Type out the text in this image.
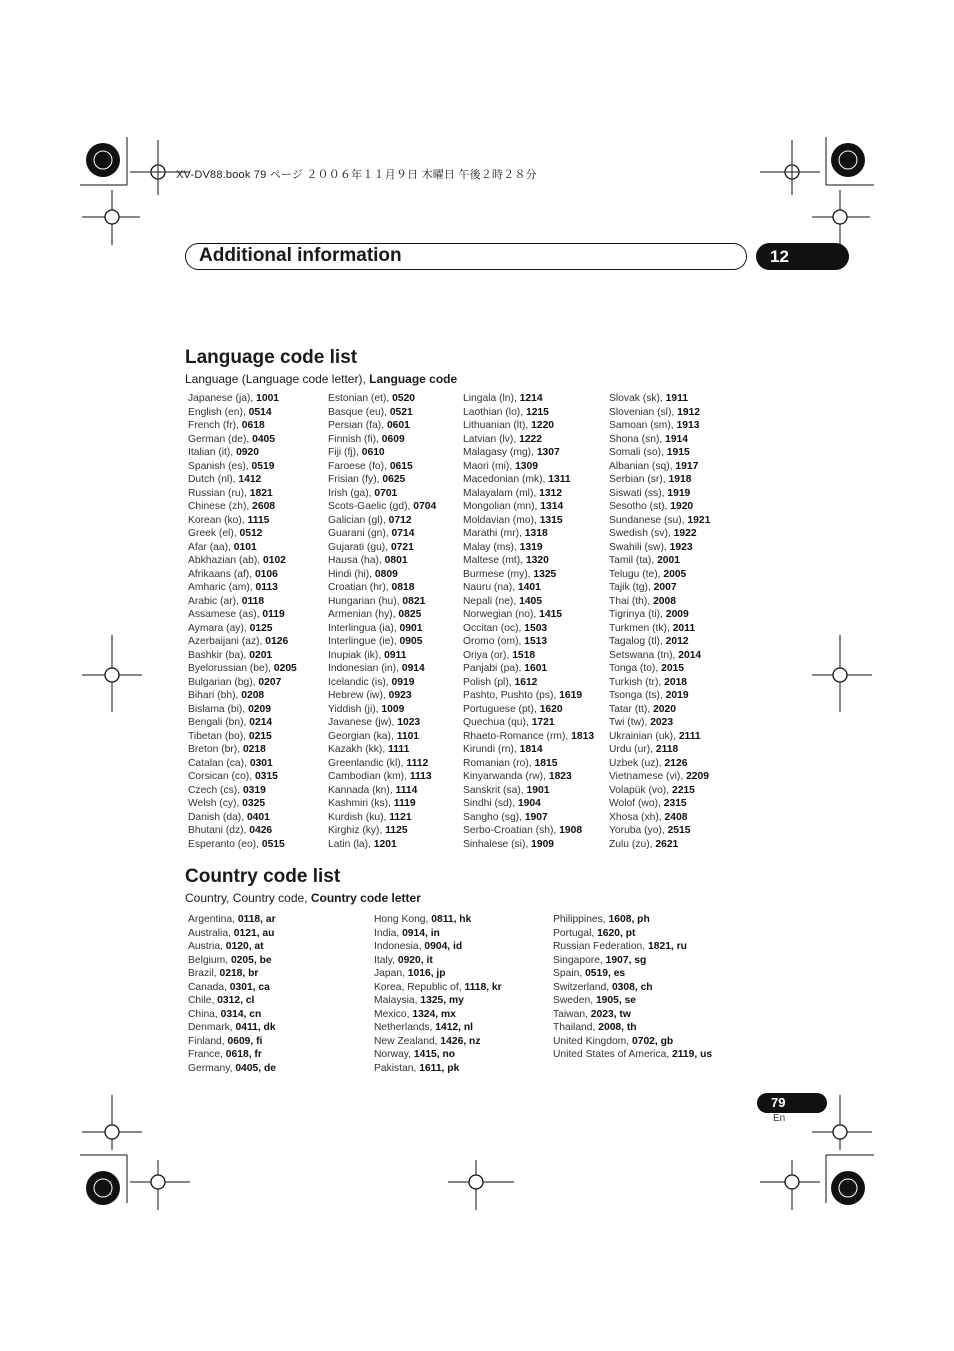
XV-DV88.book 79 ページ ２００６年１１月９日 木曜日 午後２時２８分
Additional information	12
Language code list
Language (Language code letter), Language code
Japanese (ja), 1001
English (en), 0514
French (fr), 0618
German (de), 0405
Italian (it), 0920
Spanish (es), 0519
Dutch (nl), 1412
Russian (ru), 1821
Chinese (zh), 2608
Korean (ko), 1115
Greek (el), 0512
Afar (aa), 0101
Abkhazian (ab), 0102
Afrikaans (af), 0106
Amharic (am), 0113
Arabic (ar), 0118
Assamese (as), 0119
Aymara (ay), 0125
Azerbaijani (az), 0126
Bashkir (ba), 0201
Byelorussian (be), 0205
Bulgarian (bg), 0207
Bihari (bh), 0208
Bislama (bi), 0209
Bengali (bn), 0214
Tibetan (bo), 0215
Breton (br), 0218
Catalan (ca), 0301
Corsican (co), 0315
Czech (cs), 0319
Welsh (cy), 0325
Danish (da), 0401
Bhutani (dz), 0426
Esperanto (eo), 0515
Estonian (et), 0520
Basque (eu), 0521
Persian (fa), 0601
Finnish (fi), 0609
Fiji (fj), 0610
Faroese (fo), 0615
Frisian (fy), 0625
Irish (ga), 0701
Scots-Gaelic (gd), 0704
Galician (gl), 0712
Guarani (gn), 0714
Gujarati (gu), 0721
Hausa (ha), 0801
Hindi (hi), 0809
Croatian (hr), 0818
Hungarian (hu), 0821
Armenian (hy), 0825
Interlingua (ia), 0901
Interlingue (ie), 0905
Inupiak (ik), 0911
Indonesian (in), 0914
Icelandic (is), 0919
Hebrew (iw), 0923
Yiddish (ji), 1009
Javanese (jw), 1023
Georgian (ka), 1101
Kazakh (kk), 1111
Greenlandic (kl), 1112
Cambodian (km), 1113
Kannada (kn), 1114
Kashmiri (ks), 1119
Kurdish (ku), 1121
Kirghiz (ky), 1125
Latin (la), 1201
Lingala (ln), 1214
Laothian (lo), 1215
Lithuanian (lt), 1220
Latvian (lv), 1222
Malagasy (mg), 1307
Maori (mi), 1309
Macedonian (mk), 1311
Malayalam (ml), 1312
Mongolian (mn), 1314
Moldavian (mo), 1315
Marathi (mr), 1318
Malay (ms), 1319
Maltese (mt), 1320
Burmese (my), 1325
Nauru (na), 1401
Nepali (ne), 1405
Norwegian (no), 1415
Occitan (oc), 1503
Oromo (om), 1513
Oriya (or), 1518
Panjabi (pa), 1601
Polish (pl), 1612
Pashto, Pushto (ps), 1619
Portuguese (pt), 1620
Quechua (qu), 1721
Rhaeto-Romance (rm), 1813
Kirundi (rn), 1814
Romanian (ro), 1815
Kinyarwanda (rw), 1823
Sanskrit (sa), 1901
Sindhi (sd), 1904
Sangho (sg), 1907
Serbo-Croatian (sh), 1908
Sinhalese (si), 1909
Slovak (sk), 1911
Slovenian (sl), 1912
Samoan (sm), 1913
Shona (sn), 1914
Somali (so), 1915
Albanian (sq), 1917
Serbian (sr), 1918
Siswati (ss), 1919
Sesotho (st), 1920
Sundanese (su), 1921
Swedish (sv), 1922
Swahili (sw), 1923
Tamil (ta), 2001
Telugu (te), 2005
Tajik (tg), 2007
Thai (th), 2008
Tigrinya (ti), 2009
Turkmen (tk), 2011
Tagalog (tl), 2012
Setswana (tn), 2014
Tonga (to), 2015
Turkish (tr), 2018
Tsonga (ts), 2019
Tatar (tt), 2020
Twi (tw), 2023
Ukrainian (uk), 2111
Urdu (ur), 2118
Uzbek (uz), 2126
Vietnamese (vi), 2209
Volapük (vo), 2215
Wolof (wo), 2315
Xhosa (xh), 2408
Yoruba (yo), 2515
Zulu (zu), 2621
Country code list
Country, Country code, Country code letter
Argentina, 0118, ar
Australia, 0121, au
Austria, 0120, at
Belgium, 0205, be
Brazil, 0218, br
Canada, 0301, ca
Chile, 0312, cl
China, 0314, cn
Denmark, 0411, dk
Finland, 0609, fi
France, 0618, fr
Germany, 0405, de
Hong Kong, 0811, hk
India, 0914, in
Indonesia, 0904, id
Italy, 0920, it
Japan, 1016, jp
Korea, Republic of, 1118, kr
Malaysia, 1325, my
Mexico, 1324, mx
Netherlands, 1412, nl
New Zealand, 1426, nz
Norway, 1415, no
Pakistan, 1611, pk
Philippines, 1608, ph
Portugal, 1620, pt
Russian Federation, 1821, ru
Singapore, 1907, sg
Spain, 0519, es
Switzerland, 0308, ch
Sweden, 1905, se
Taiwan, 2023, tw
Thailand, 2008, th
United Kingdom, 0702, gb
United States of America, 2119, us
79
En
